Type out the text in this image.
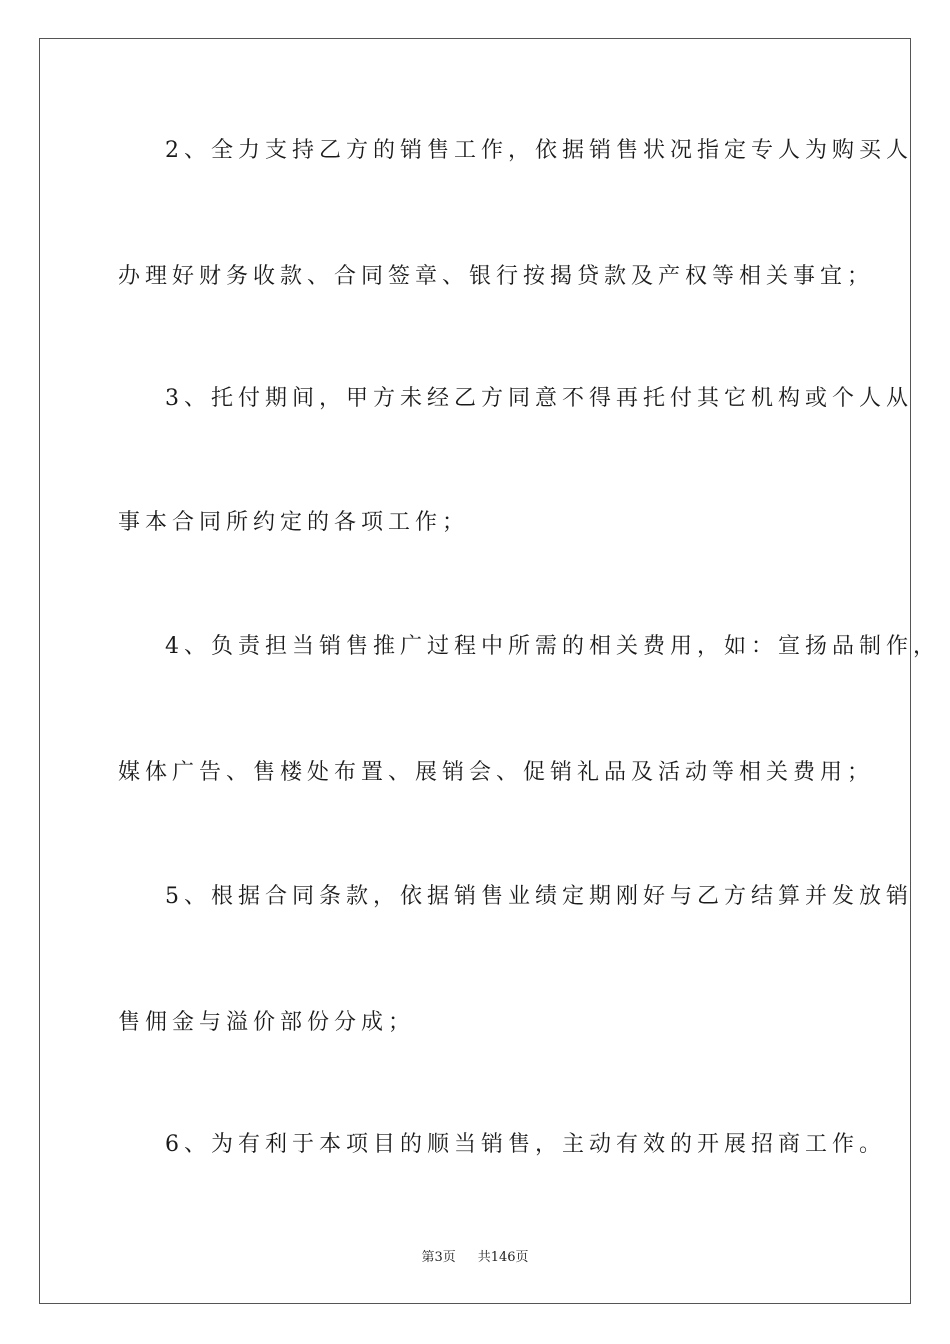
2、全力支持乙方的销售工作，依据销售状况指定专人为购买人
办理好财务收款、合同签章、银行按揭贷款及产权等相关事宜；
3、托付期间，甲方未经乙方同意不得再托付其它机构或个人从
事本合同所约定的各项工作；
4、负责担当销售推广过程中所需的相关费用，如：宣扬品制作，
媒体广告、售楼处布置、展销会、促销礼品及活动等相关费用；
5、根据合同条款，依据销售业绩定期刚好与乙方结算并发放销
售佣金与溢价部份分成；
6、为有利于本项目的顺当销售，主动有效的开展招商工作。
第3页 共146页
